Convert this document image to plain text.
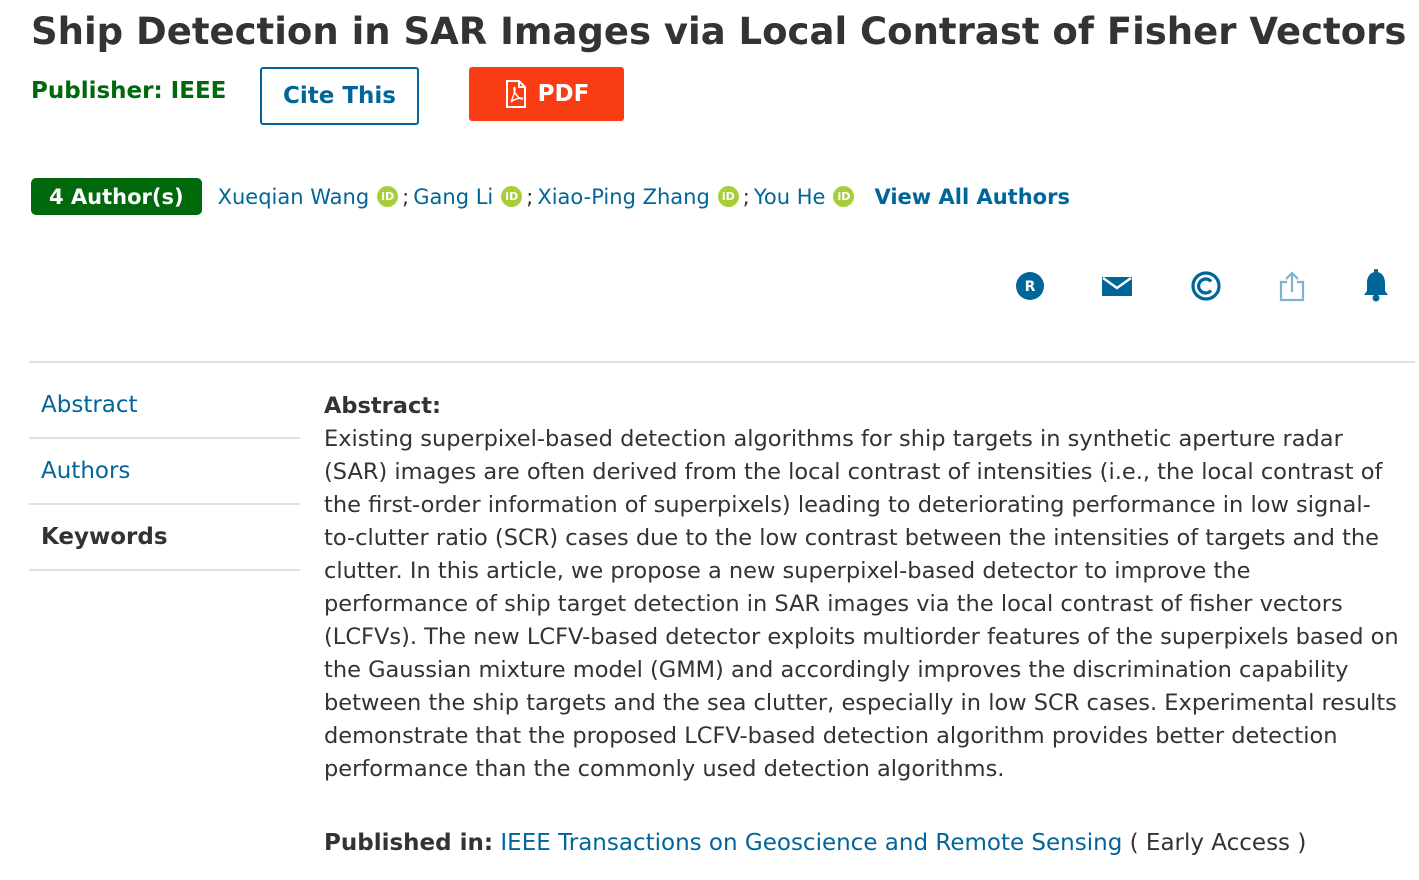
Ship Detection in SAR Images via Local Contrast of Fisher Vectors
Publisher: IEEE	Cite This	PDF
4 Author(s)	Xueqian Wang	iD ; Gang Li	iD ; Xiao-Ping Zhang	iD ; You He	iD View All Authors
R
Abstract
Authors
Keywords
Abstract:

Existing superpixel-based detection algorithms for ship targets in synthetic aperture radar (SAR) images are often derived from the local contrast of intensities (i.e., the local contrast of the first-order information of superpixels) leading to deteriorating performance in low signal-to-clutter ratio (SCR) cases due to the low contrast between the intensities of targets and the clutter. In this article, we propose a new superpixel-based detector to improve the performance of ship target detection in SAR images via the local contrast of fisher vectors (LCFVs). The new LCFV-based detector exploits multiorder features of the superpixels based on the Gaussian mixture model (GMM) and accordingly improves the discrimination capability between the ship targets and the sea clutter, especially in low SCR cases. Experimental results demonstrate that the proposed LCFV-based detection algorithm provides better detection performance than the commonly used detection algorithms.

Published in: IEEE Transactions on Geoscience and Remote Sensing ( Early Access )
